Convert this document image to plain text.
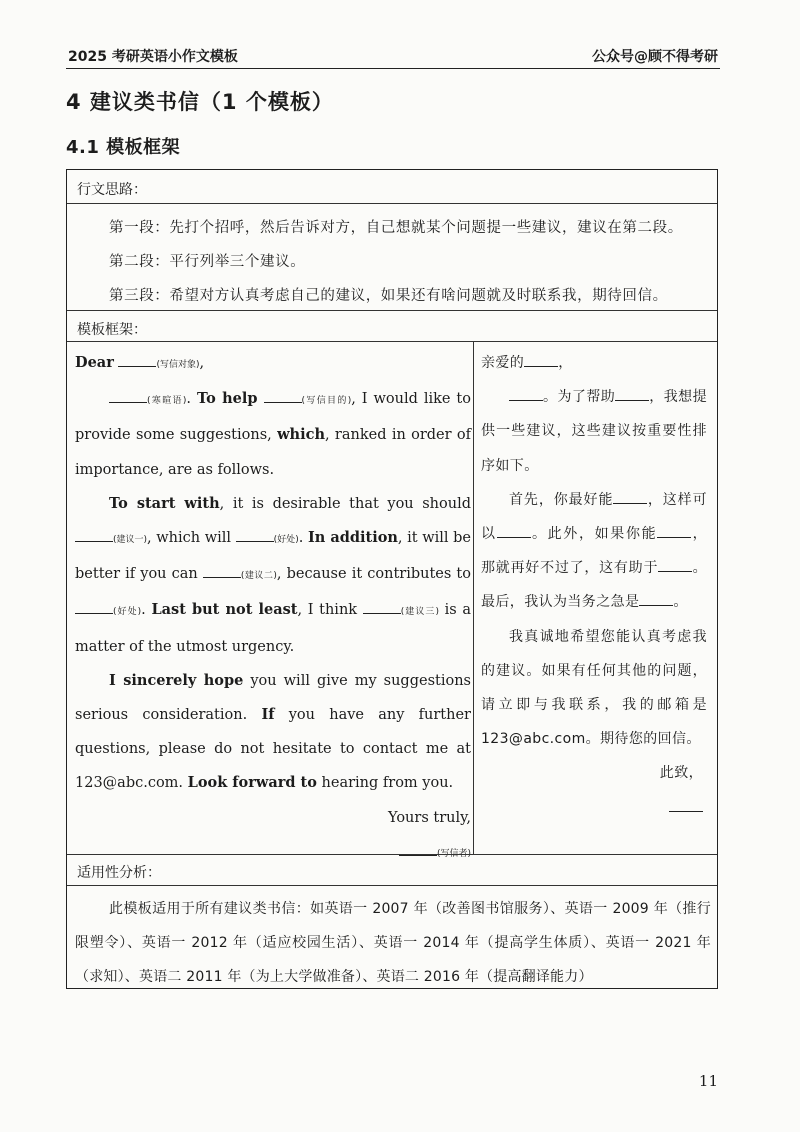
2025 考研英语小作文模板	公众号@顾不得考研
4 建议类书信（1 个模板）
4.1 模板框架
行文思路：
第一段：先打个招呼，然后告诉对方，自己想就某个问题提一些建议，建议在第二段。
第二段：平行列举三个建议。
第三段：希望对方认真考虑自己的建议，如果还有啥问题就及时联系我，期待回信。
模板框架：

Dear	(写信对象),

(寒暄语). To help	(写信目的), I would like to provide some suggestions, which, ranked in order of importance, are as follows.

To start with, it is desirable that you should (建议一), which will	(好处). In addition, it will be better if you can	(建议二), because it contributes to (好处). Last but not least, I think	(建议三) is a matter of the utmost urgency.

I sincerely hope you will give my suggestions serious consideration. If you have any further questions, please do not hesitate to contact me at 123@abc.com. Look forward to hearing from you.

Yours truly,

(写信者)

亲爱的 ，

。为了帮助 ，我想提供一些建议，这些建议按重要性排序如下。

首先，你最好能 ，这样可以 。此外，如果你能 ，那就再好不过了，这有助于 。最后，我认为当务之急是 。

我真诚地希望您能认真考虑我的建议。如果有任何其他的问题，请立即与我联系，我的邮箱是 123@abc.com。期待您的回信。

此致，

适用性分析：
此模板适用于所有建议类书信：如英语一 2007 年（改善图书馆服务）、英语一 2009 年（推行限塑令）、英语一 2012 年（适应校园生活）、英语一 2014 年（提高学生体质）、英语一 2021 年（求知）、英语二 2011 年（为上大学做准备）、英语二 2016 年（提高翻译能力）
11
